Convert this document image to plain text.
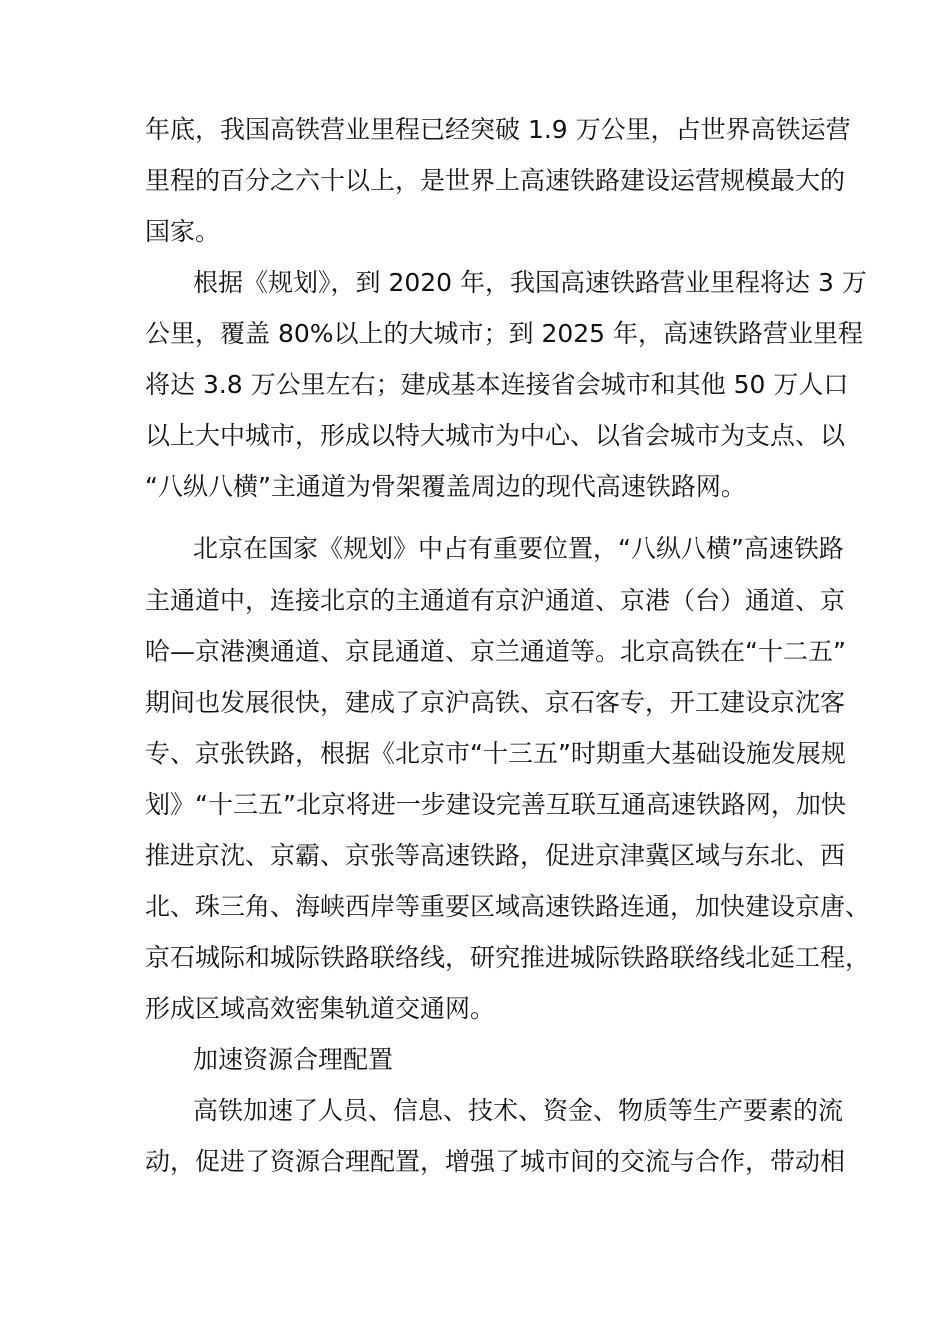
年底，我国高铁营业里程已经突破 1.9 万公里，占世界高铁运营
里程的百分之六十以上，是世界上高速铁路建设运营规模最大的
国家。
根据《规划》，到 2020 年，我国高速铁路营业里程将达 3 万
公里，覆盖 80%以上的大城市；到 2025 年，高速铁路营业里程
将达 3.8 万公里左右；建成基本连接省会城市和其他 50 万人口
以上大中城市，形成以特大城市为中心、以省会城市为支点、以
“八纵八横”主通道为骨架覆盖周边的现代高速铁路网。
北京在国家《规划》中占有重要位置，“八纵八横”高速铁路
主通道中，连接北京的主通道有京沪通道、京港（台）通道、京
哈—京港澳通道、京昆通道、京兰通道等。北京高铁在“十二五”
期间也发展很快，建成了京沪高铁、京石客专，开工建设京沈客
专、京张铁路，根据《北京市“十三五”时期重大基础设施发展规
划》“十三五”北京将进一步建设完善互联互通高速铁路网，加快
推进京沈、京霸、京张等高速铁路，促进京津冀区域与东北、西
北、珠三角、海峡西岸等重要区域高速铁路连通，加快建设京唐、
京石城际和城际铁路联络线，研究推进城际铁路联络线北延工程，
形成区域高效密集轨道交通网。
加速资源合理配置
高铁加速了人员、信息、技术、资金、物质等生产要素的流
动，促进了资源合理配置，增强了城市间的交流与合作，带动相
